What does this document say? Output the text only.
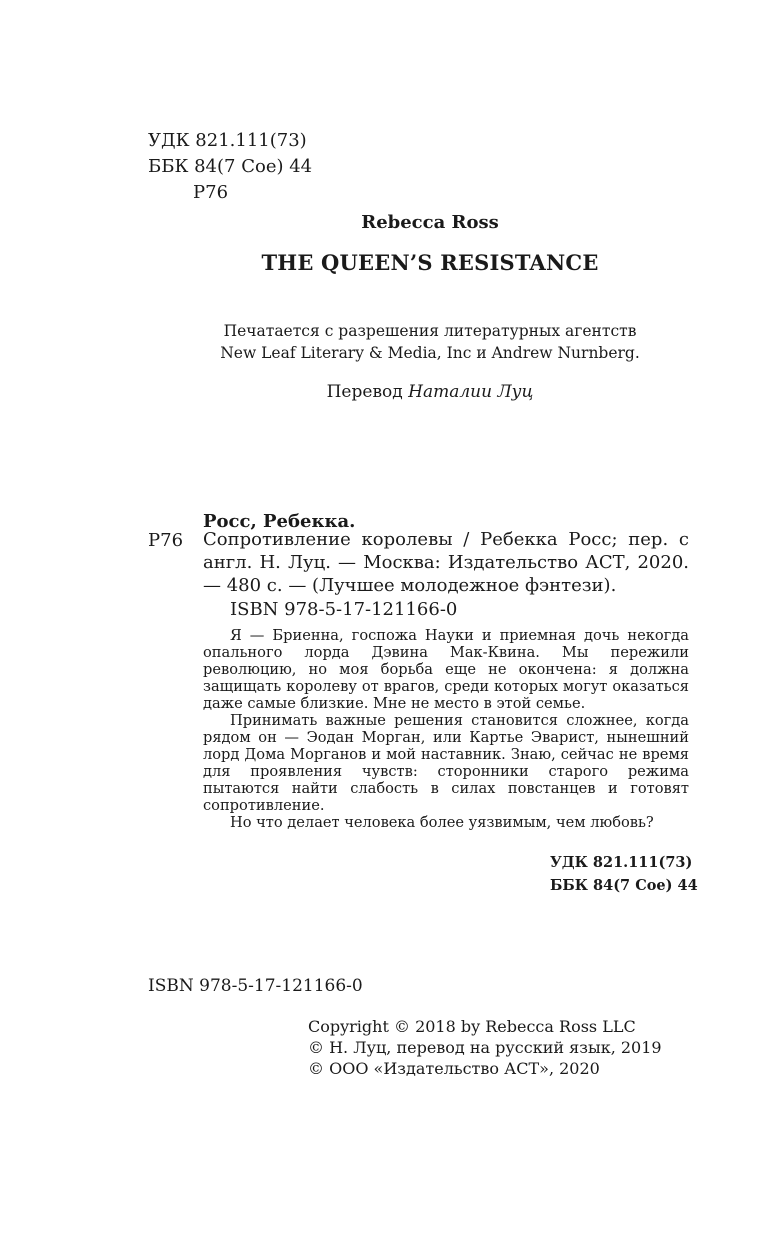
УДК 821.111(73)
ББК 84(7 Сое) 44
Р76
Rebecca Ross
THE QUEEN’S RESISTANCE
Печатается с разрешения литературных агентств
New Leaf Literary & Media, Inc и Andrew Nurnberg.
Перевод Наталии Луц
Росс, Ребекка.
Р76 Сопротивление королевы / Ребекка Росс; пер. с англ. Н. Луц. — Москва: Издательство АСТ, 2020. — 480 с. — (Лучшее молодежное фэнтези).
ISBN 978-5-17-121166-0

Я — Бриенна, госпожа Науки и приемная дочь некогда опального лорда Дэвина Мак-Квина. Мы пережили революцию, но моя борьба еще не окончена: я должна защищать королеву от врагов, среди которых могут оказаться даже самые близкие. Мне не место в этой семье.

Принимать важные решения становится сложнее, когда рядом он — Эодан Морган, или Картье Эварист, нынешний лорд Дома Морганов и мой наставник. Знаю, сейчас не время для проявления чувств: сторонники старого режима пытаются найти слабость в силах повстанцев и готовят сопротивление.

Но что делает человека более уязвимым, чем любовь?

УДК 821.111(73)
ББК 84(7 Сое) 44
ISBN 978-5-17-121166-0
Copyright © 2018 by Rebecca Ross LLC
© Н. Луц, перевод на русский язык, 2019
© ООО «Издательство АСТ», 2020
